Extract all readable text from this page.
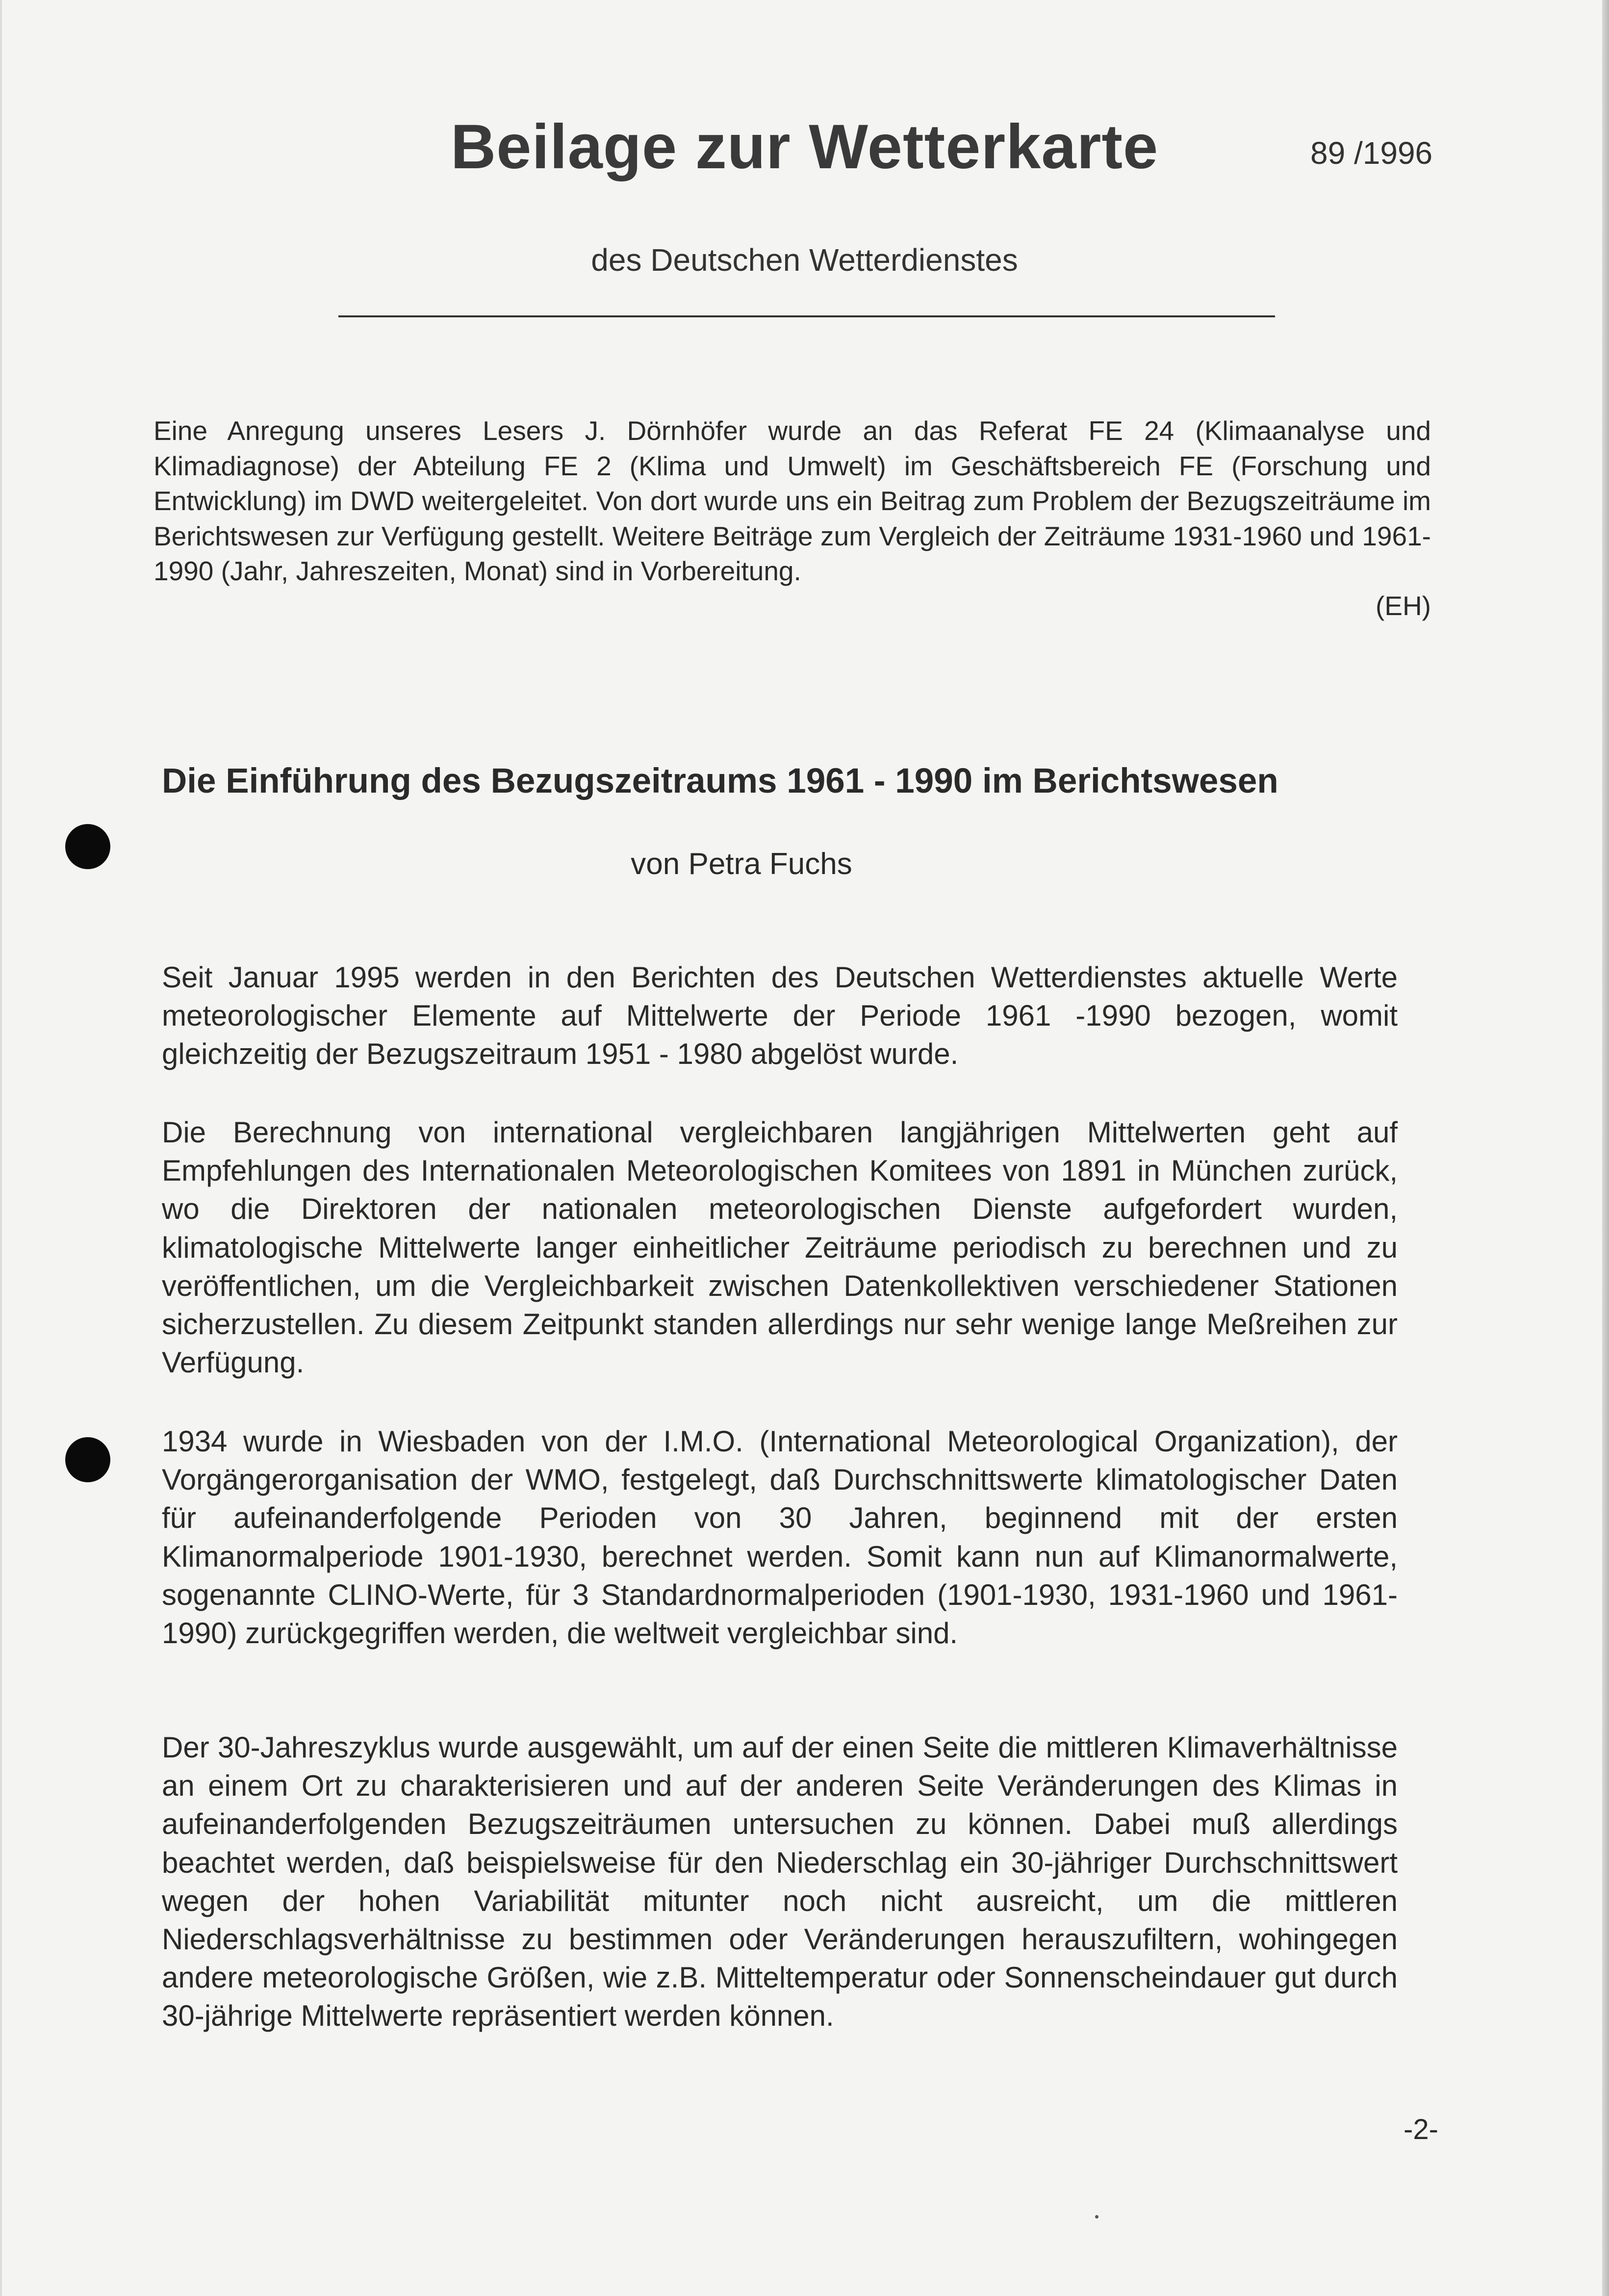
Beilage zur Wetterkarte	89 /1996
des Deutschen Wetterdienstes

Eine Anregung unseres Lesers J. Dörnhöfer wurde an das Referat FE 24 (Klimaanalyse und Klimadiagnose) der Abteilung FE 2 (Klima und Umwelt) im Geschäftsbereich FE (Forschung und Entwicklung) im DWD weitergeleitet. Von dort wurde uns ein Beitrag zum Problem der Bezugszeiträume im Berichtswesen zur Verfügung gestellt. Weitere Beiträge zum Vergleich der Zeiträume 1931-1960 und 1961-1990 (Jahr, Jahreszeiten, Monat) sind in Vorbereitung.

(EH)
Die Einführung des Bezugszeitraums 1961 - 1990 im Berichtswesen
von Petra Fuchs

Seit Januar 1995 werden in den Berichten des Deutschen Wetterdienstes aktuelle Werte meteorologischer Elemente auf Mittelwerte der Periode 1961 -1990 bezogen, womit gleichzeitig der Bezugszeitraum 1951 - 1980 abgelöst wurde.

Die Berechnung von international vergleichbaren langjährigen Mittelwerten geht auf Empfehlungen des Internationalen Meteorologischen Komitees von 1891 in München zurück, wo die Direktoren der nationalen meteorologischen Dienste aufgefordert wurden, klimatologische Mittelwerte langer einheitlicher Zeiträume periodisch zu berechnen und zu veröffentlichen, um die Vergleichbarkeit zwischen Datenkollektiven verschiedener Stationen sicherzustellen. Zu diesem Zeitpunkt standen allerdings nur sehr wenige lange Meßreihen zur Verfügung.

1934 wurde in Wiesbaden von der I.M.O. (International Meteorological Organization), der Vorgängerorganisation der WMO, festgelegt, daß Durchschnittswerte klimatologischer Daten für aufeinanderfolgende Perioden von 30 Jahren, beginnend mit der ersten Klimanormalperiode 1901-1930, berechnet werden. Somit kann nun auf Klimanormalwerte, sogenannte CLINO-Werte, für 3 Standardnormalperioden (1901-1930, 1931-1960 und 1961-1990) zurückgegriffen werden, die weltweit vergleichbar sind.

Der 30-Jahreszyklus wurde ausgewählt, um auf der einen Seite die mittleren Klimaverhältnisse an einem Ort zu charakterisieren und auf der anderen Seite Veränderungen des Klimas in aufeinanderfolgenden Bezugszeiträumen untersuchen zu können. Dabei muß allerdings beachtet werden, daß beispielsweise für den Niederschlag ein 30-jähriger Durchschnittswert wegen der hohen Variabilität mitunter noch nicht ausreicht, um die mittleren Niederschlagsverhältnisse zu bestimmen oder Veränderungen herauszufiltern, wohingegen andere meteorologische Größen, wie z.B. Mitteltemperatur oder Sonnenscheindauer gut durch 30-jährige Mittelwerte repräsentiert werden können.

-2-
